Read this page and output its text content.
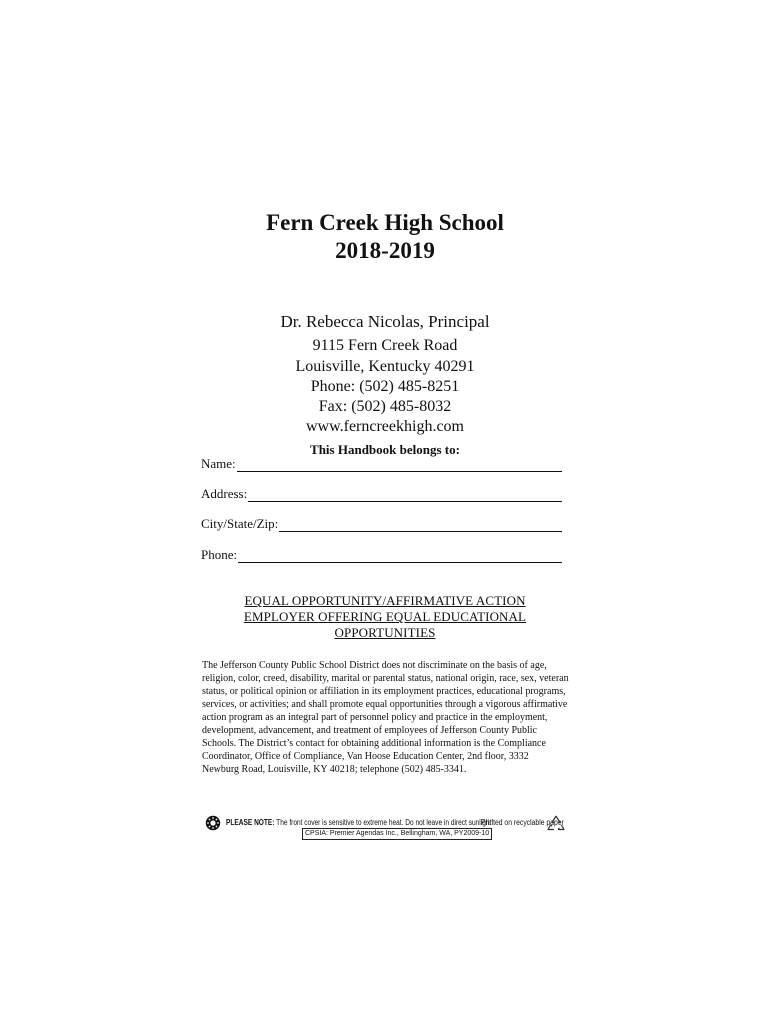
Fern Creek High School
2018-2019
Dr. Rebecca Nicolas, Principal
9115 Fern Creek Road
Louisville, Kentucky 40291
Phone: (502) 485-8251
Fax: (502) 485-8032
www.ferncreekhigh.com
This Handbook belongs to:
Name:
Address:
City/State/Zip:
Phone:
EQUAL OPPORTUNITY/AFFIRMATIVE ACTION
EMPLOYER OFFERING EQUAL EDUCATIONAL
OPPORTUNITIES
The Jefferson County Public School District does not discriminate on the basis of age,
religion, color, creed, disability, marital or parental status, national origin, race, sex, veteran
status, or political opinion or affiliation in its employment practices, educational programs,
services, or activities; and shall promote equal opportunities through a vigorous affirmative
action program as an integral part of personnel policy and practice in the employment,
development, advancement, and treatment of employees of Jefferson County Public
Schools. The District’s contact for obtaining additional information is the Compliance
Coordinator, Office of Compliance, Van Hoose Education Center, 2nd floor, 3332
Newburg Road, Louisville, KY 40218; telephone (502) 485-3341.
PLEASE NOTE: The front cover is sensitive to extreme heat. Do not leave in direct sunlight!
Printed on recyclable paper
CPSIA: Premier Agendas Inc., Bellingham, WA, PY2009-10
